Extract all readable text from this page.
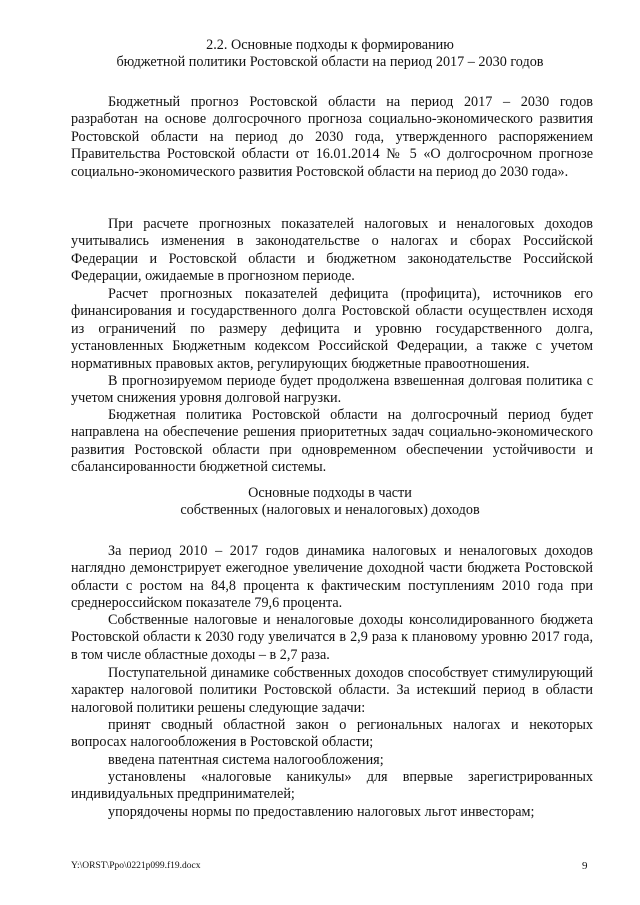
2.2. Основные подходы к формированию
бюджетной политики Ростовской области на период 2017 – 2030 годов

Бюджетный прогноз Ростовской области на период 2017 – 2030 годов разработан на основе долгосрочного прогноза социально-экономического развития Ростовской области на период до 2030 года, утвержденного распоряжением Правительства Ростовской области от 16.01.2014 № 5 «О долгосрочном прогнозе социально-экономического развития Ростовской области на период до 2030 года».

При расчете прогнозных показателей налоговых и неналоговых доходов учитывались изменения в законодательстве о налогах и сборах Российской Федерации и Ростовской области и бюджетном законодательстве Российской Федерации, ожидаемые в прогнозном периоде.

Расчет прогнозных показателей дефицита (профицита), источников его финансирования и государственного долга Ростовской области осуществлен исходя из ограничений по размеру дефицита и уровню государственного долга, установленных Бюджетным кодексом Российской Федерации, а также с учетом нормативных правовых актов, регулирующих бюджетные правоотношения.

В прогнозируемом периоде будет продолжена взвешенная долговая политика с учетом снижения уровня долговой нагрузки.

Бюджетная политика Ростовской области на долгосрочный период будет направлена на обеспечение решения приоритетных задач социально-экономического развития Ростовской области при одновременном обеспечении устойчивости и сбалансированности бюджетной системы.

Основные подходы в части
собственных (налоговых и неналоговых) доходов

За период 2010 – 2017 годов динамика налоговых и неналоговых доходов наглядно демонстрирует ежегодное увеличение доходной части бюджета Ростовской области с ростом на 84,8 процента к фактическим поступлениям 2010 года при среднероссийском показателе 79,6 процента.

Собственные налоговые и неналоговые доходы консолидированного бюджета Ростовской области к 2030 году увеличатся в 2,9 раза к плановому уровню 2017 года, в том числе областные доходы – в 2,7 раза.

Поступательной динамике собственных доходов способствует стимулирующий характер налоговой политики Ростовской области. За истекший период в области налоговой политики решены следующие задачи:

принят сводный областной закон о региональных налогах и некоторых вопросах налогообложения в Ростовской области;

введена патентная система налогообложения;

установлены «налоговые каникулы» для впервые зарегистрированных индивидуальных предпринимателей;

упорядочены нормы по предоставлению налоговых льгот инвесторам;

Y:\ORST\Ppo\0221p099.f19.docx	9
